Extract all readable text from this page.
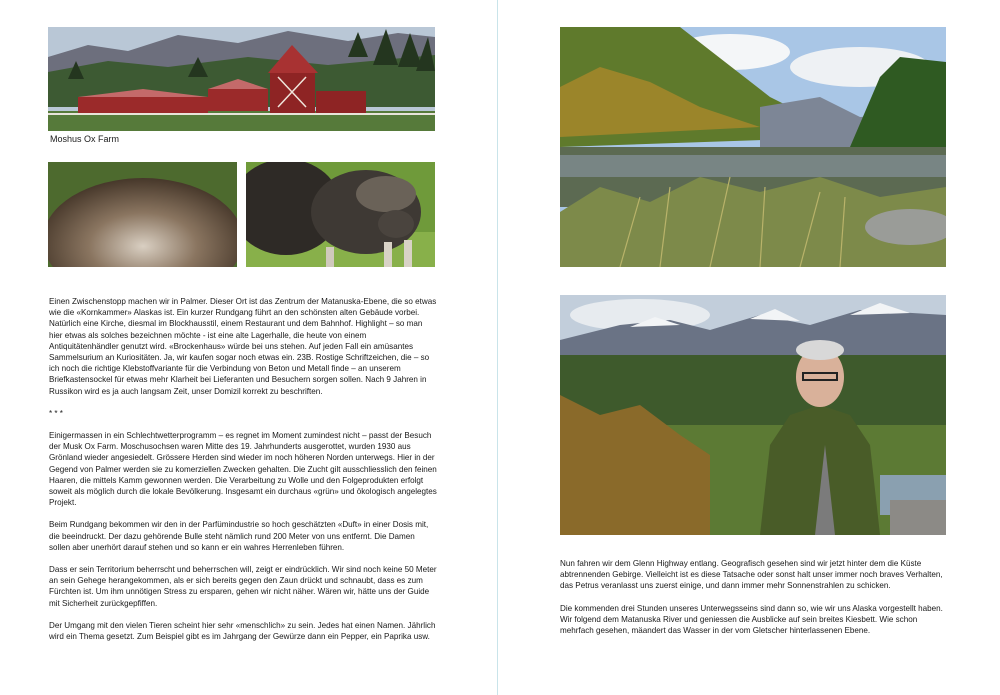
Moshus Ox Farm

Einen Zwischenstopp machen wir in Palmer. Dieser Ort ist das Zentrum der Matanuska-Ebene, die so etwas wie die «Kornkammer» Alaskas ist. Ein kurzer Rundgang führt an den schönsten alten Gebäude vorbei. Natürlich eine Kirche, diesmal im Blockhausstil, einem Restaurant und dem Bahnhof. Highlight – so man hier etwas als solches bezeichnen möchte - ist eine alte Lagerhalle, die heute von einem Antiquitätenhändler genutzt wird. «Brockenhaus» würde bei uns stehen. Auf jeden Fall ein amüsantes Sammelsurium an Kuriositäten. Ja, wir kaufen sogar noch etwas ein. 23B. Rostige Schriftzeichen, die – so ich noch die richtige Klebstoffvariante für die Verbindung von Beton und Metall finde – an unserem Briefkastensockel für etwas mehr Klarheit bei Lieferanten und Besuchern sorgen sollen. Nach 9 Jahren in Russikon wird es ja auch langsam Zeit, unser Domizil korrekt zu beschriften.

* * *

Einigermassen in ein Schlechtwetterprogramm – es regnet im Moment zumindest nicht – passt der Besuch der Musk Ox Farm. Moschusochsen waren Mitte des 19. Jahrhunderts ausgerottet, wurden 1930 aus Grönland wieder angesiedelt. Grössere Herden sind wieder im noch höheren Norden unterwegs. Hier in der Gegend von Palmer werden sie zu komerziellen Zwecken gehalten. Die Zucht gilt ausschliesslich den feinen Haaren, die mittels Kamm gewonnen werden. Die Verarbeitung zu Wolle und den Folgeprodukten erfolgt soweit als möglich durch die lokale Bevölkerung. Insgesamt ein durchaus «grün» und ökologisch angelegtes Projekt.

Beim Rundgang bekommen wir den in der Parfümindustrie so hoch geschätzten «Duft» in einer Dosis mit, die beeindruckt. Der dazu gehörende Bulle steht nämlich rund 200 Meter von uns entfernt. Die Damen sollen aber unerhört darauf stehen und so kann er ein wahres Herrenleben führen.

Dass er sein Territorium beherrscht und beherrschen will, zeigt er eindrücklich. Wir sind noch keine 50 Meter an sein Gehege herangekommen, als er sich bereits gegen den Zaun drückt und schnaubt, dass es zum Fürchten ist. Um ihm unnötigen Stress zu ersparen, gehen wir nicht näher. Wären wir, hätte uns der Guide mit Sicherheit zurückgepfiffen.

Der Umgang mit den vielen Tieren scheint hier sehr «menschlich» zu sein. Jedes hat einen Namen. Jährlich wird ein Thema gesetzt. Zum Beispiel gibt es im Jahrgang der Gewürze dann ein Pepper, ein Paprika usw.

Nun fahren wir dem Glenn Highway entlang. Geografisch gesehen sind wir jetzt hinter dem die Küste abtrennenden Gebirge. Vielleicht ist es diese Tatsache oder sonst halt unser immer noch braves Verhalten, das Petrus veranlasst uns zuerst einige, und dann immer mehr Sonnenstrahlen zu schicken.

Die kommenden drei Stunden unseres Unterwegsseins sind dann so, wie wir uns Alaska vorgestellt haben. Wir folgend dem Matanuska River und geniessen die Ausblicke auf sein breites Kiesbett. Wie schon mehrfach gesehen, mäandert das Wasser in der vom Gletscher hinterlassenen Ebene.
